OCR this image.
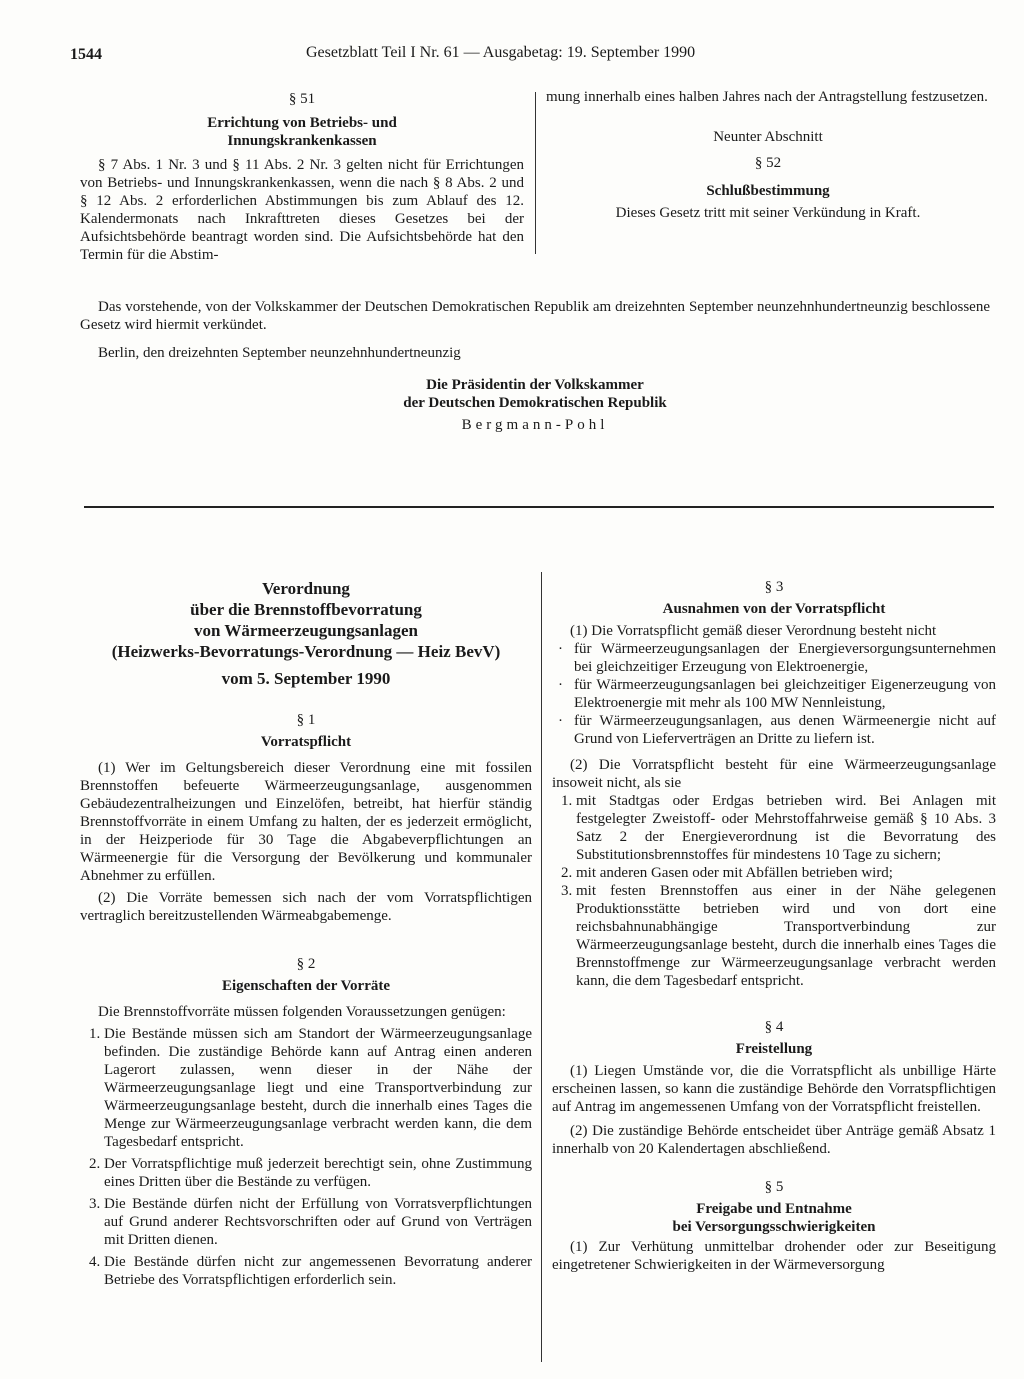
1544	Gesetzblatt Teil I Nr. 61 — Ausgabetag: 19. September 1990

§ 51

Errichtung von Betriebs- und

Innungskrankenkassen

§ 7 Abs. 1 Nr. 3 und § 11 Abs. 2 Nr. 3 gelten nicht für Errichtungen von Betriebs- und Innungskrankenkassen, wenn die nach § 8 Abs. 2 und § 12 Abs. 2 erforderlichen Abstimmungen bis zum Ablauf des 12. Kalendermonats nach Inkrafttreten dieses Gesetzes bei der Aufsichtsbehörde beantragt worden sind. Die Aufsichtsbehörde hat den Termin für die Abstim-

mung innerhalb eines halben Jahres nach der Antragstellung festzusetzen.

Neunter Abschnitt

§ 52

Schlußbestimmung

Dieses Gesetz tritt mit seiner Verkündung in Kraft.

Das vorstehende, von der Volkskammer der Deutschen Demokratischen Republik am dreizehnten September neunzehnhundertneunzig beschlossene Gesetz wird hiermit verkündet.

Berlin, den dreizehnten September neunzehnhundertneunzig

Die Präsidentin der Volkskammer

der Deutschen Demokratischen Republik

Bergmann-Pohl

Verordnung
über die Brennstoffbevorratung
von Wärmeerzeugungsanlagen
(Heizwerks-Bevorratungs-Verordnung — Heiz BevV)
vom 5. September 1990

§ 1

Vorratspflicht

(1) Wer im Geltungsbereich dieser Verordnung eine mit fossilen Brennstoffen befeuerte Wärmeerzeugungsanlage, ausgenommen Gebäudezentralheizungen und Einzelöfen, betreibt, hat hierfür ständig Brennstoffvorräte in einem Umfang zu halten, der es jederzeit ermöglicht, in der Heizperiode für 30 Tage die Abgabeverpflichtungen an Wärmeenergie für die Versorgung der Bevölkerung und kommunaler Abnehmer zu erfüllen.

(2) Die Vorräte bemessen sich nach der vom Vorratspflichtigen vertraglich bereitzustellenden Wärmeabgabemenge.

§ 2

Eigenschaften der Vorräte

Die Brennstoffvorräte müssen folgenden Voraussetzungen genügen:

1. Die Bestände müssen sich am Standort der Wärmeerzeugungsanlage befinden. Die zuständige Behörde kann auf Antrag einen anderen Lagerort zulassen, wenn dieser in der Nähe der Wärmeerzeugungsanlage liegt und eine Transportverbindung zur Wärmeerzeugungsanlage besteht, durch die innerhalb eines Tages die Menge zur Wärmeerzeugungsanlage verbracht werden kann, die dem Tagesbedarf entspricht.
2. Der Vorratspflichtige muß jederzeit berechtigt sein, ohne Zustimmung eines Dritten über die Bestände zu verfügen.
3. Die Bestände dürfen nicht der Erfüllung von Vorratsverpflichtungen auf Grund anderer Rechtsvorschriften oder auf Grund von Verträgen mit Dritten dienen.
4. Die Bestände dürfen nicht zur angemessenen Bevorratung anderer Betriebe des Vorratspflichtigen erforderlich sein.

§ 3

Ausnahmen von der Vorratspflicht

(1) Die Vorratspflicht gemäß dieser Verordnung besteht nicht

· für Wärmeerzeugungsanlagen der Energieversorgungsunternehmen bei gleichzeitiger Erzeugung von Elektroenergie,
· für Wärmeerzeugungsanlagen bei gleichzeitiger Eigenerzeugung von Elektroenergie mit mehr als 100 MW Nennleistung,
· für Wärmeerzeugungsanlagen, aus denen Wärmeenergie nicht auf Grund von Lieferverträgen an Dritte zu liefern ist.

(2) Die Vorratspflicht besteht für eine Wärmeerzeugungsanlage insoweit nicht, als sie

1. mit Stadtgas oder Erdgas betrieben wird. Bei Anlagen mit festgelegter Zweistoff- oder Mehrstoffahrweise gemäß § 10 Abs. 3 Satz 2 der Energieverordnung ist die Bevorratung des Substitutionsbrennstoffes für mindestens 10 Tage zu sichern;
2. mit anderen Gasen oder mit Abfällen betrieben wird;
3. mit festen Brennstoffen aus einer in der Nähe gelegenen Produktionsstätte betrieben wird und von dort eine reichsbahnunabhängige Transportverbindung zur Wärmeerzeugungsanlage besteht, durch die innerhalb eines Tages die Brennstoffmenge zur Wärmeerzeugungsanlage verbracht werden kann, die dem Tagesbedarf entspricht.

§ 4

Freistellung

(1) Liegen Umstände vor, die die Vorratspflicht als unbillige Härte erscheinen lassen, so kann die zuständige Behörde den Vorratspflichtigen auf Antrag im angemessenen Umfang von der Vorratspflicht freistellen.

(2) Die zuständige Behörde entscheidet über Anträge gemäß Absatz 1 innerhalb von 20 Kalendertagen abschließend.

§ 5

Freigabe und Entnahme

bei Versorgungsschwierigkeiten

(1) Zur Verhütung unmittelbar drohender oder zur Beseitigung eingetretener Schwierigkeiten in der Wärmeversorgung
